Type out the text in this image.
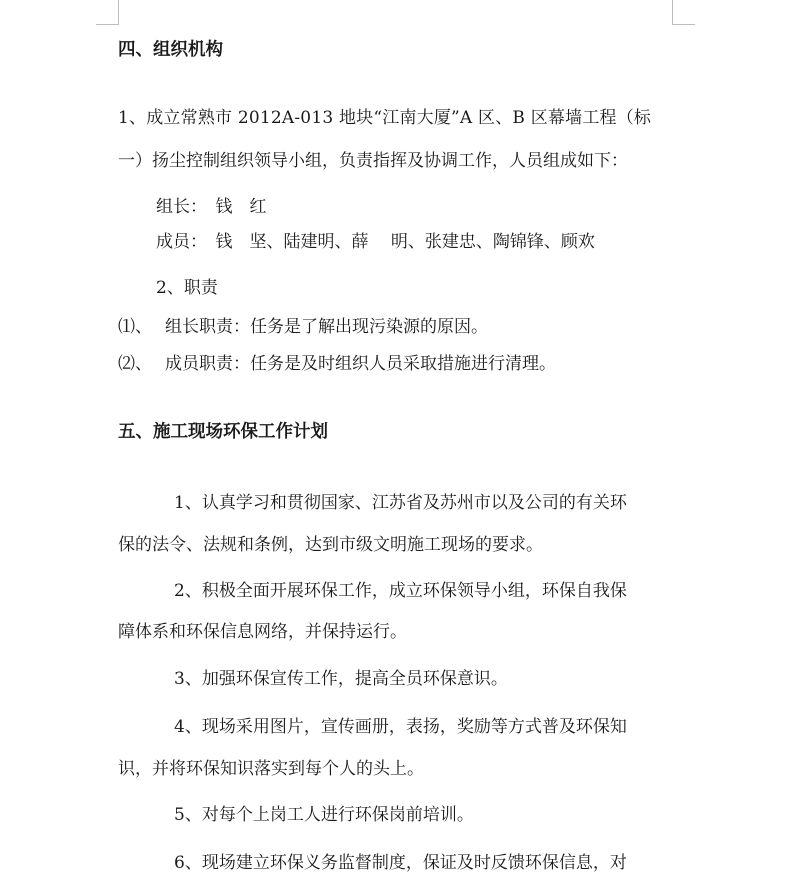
四、组织机构
1、成立常熟市 2012A-013 地块“江南大厦”A 区、B 区幕墙工程（标
一）扬尘控制组织领导小组，负责指挥及协调工作，人员组成如下：
组长：　钱　红
成员：　钱　坚、陆建明、薛　 明、张建忠、陶锦锋、顾欢
2、职责
⑴、 组长职责：任务是了解出现污染源的原因。
⑵、 成员职责：任务是及时组织人员采取措施进行清理。
五、施工现场环保工作计划
1、认真学习和贯彻国家、江苏省及苏州市以及公司的有关环
保的法令、法规和条例，达到市级文明施工现场的要求。
2、积极全面开展环保工作，成立环保领导小组，环保自我保
障体系和环保信息网络，并保持运行。
3、加强环保宣传工作，提高全员环保意识。
4、现场采用图片，宣传画册，表扬，奖励等方式普及环保知
识，并将环保知识落实到每个人的头上。
5、对每个上岗工人进行环保岗前培训。
6、现场建立环保义务监督制度，保证及时反馈环保信息，对
